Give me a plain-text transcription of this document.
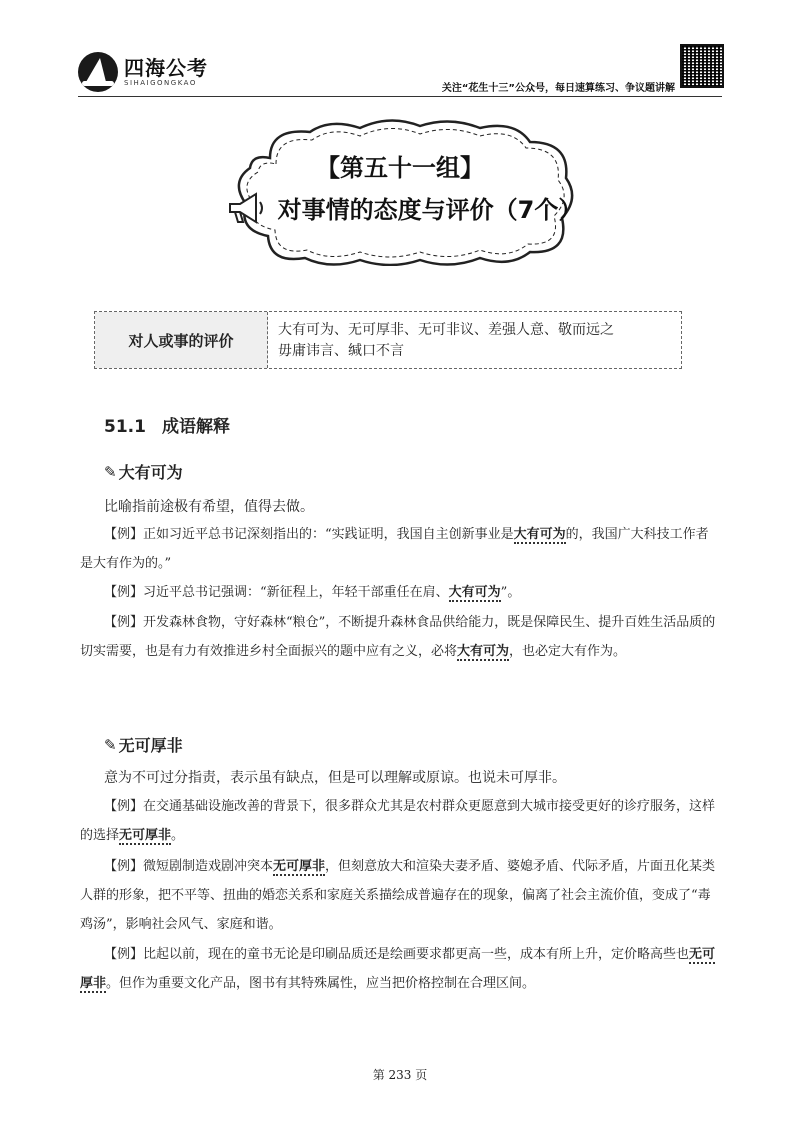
四海公考
SIHAIGONGKAO	关注“花生十三”公众号，每日速算练习、争议题讲解
【第五十一组】
对事情的态度与评价（7个）
对人或事的评价
大有可为、无可厚非、无可非议、差强人意、敬而远之
毋庸讳言、缄口不言
51.1 成语解释
✎ 大有可为
比喻指前途极有希望，值得去做。
【例】正如习近平总书记深刻指出的：“实践证明，我国自主创新事业是大有可为的，我国广大科技工作者是大有作为的。”
【例】习近平总书记强调：“新征程上，年轻干部重任在肩、大有可为”。
【例】开发森林食物，守好森林“粮仓”，不断提升森林食品供给能力，既是保障民生、提升百姓生活品质的切实需要，也是有力有效推进乡村全面振兴的题中应有之义，必将大有可为，也必定大有作为。
✎ 无可厚非
意为不可过分指责，表示虽有缺点，但是可以理解或原谅。也说未可厚非。
【例】在交通基础设施改善的背景下，很多群众尤其是农村群众更愿意到大城市接受更好的诊疗服务，这样的选择无可厚非。
【例】微短剧制造戏剧冲突本无可厚非，但刻意放大和渲染夫妻矛盾、婆媳矛盾、代际矛盾，片面丑化某类人群的形象，把不平等、扭曲的婚恋关系和家庭关系描绘成普遍存在的现象，偏离了社会主流价值，变成了“毒鸡汤”，影响社会风气、家庭和谐。
【例】比起以前，现在的童书无论是印刷品质还是绘画要求都更高一些，成本有所上升，定价略高些也无可厚非。但作为重要文化产品，图书有其特殊属性，应当把价格控制在合理区间。
第 233 页
